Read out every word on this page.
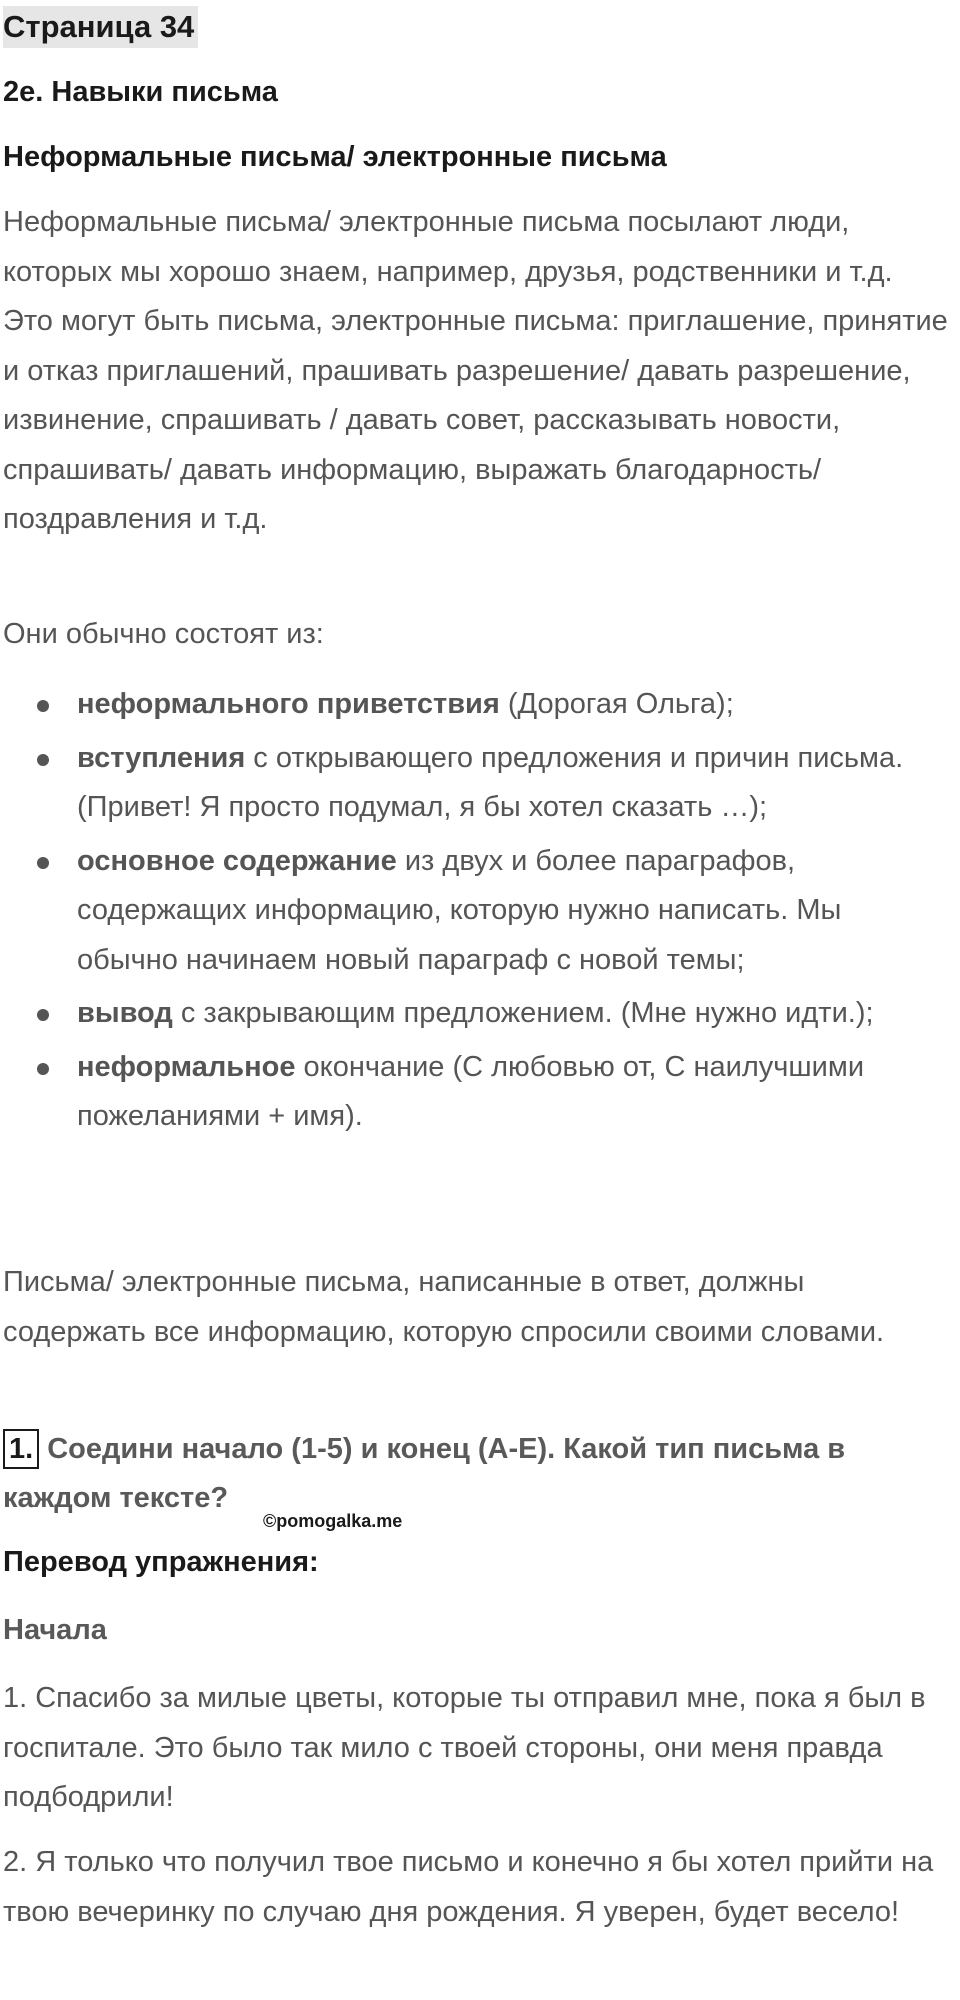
Страница 34
2e. Навыки письма
Неформальные письма/ электронные письма
Неформальные письма/ электронные письма посылают люди, которых мы хорошо знаем, например, друзья, родственники и т.д. Это могут быть письма, электронные письма: приглашение, принятие и отказ приглашений, прашивать разрешение/ давать разрешение, извинение, спрашивать / давать совет, рассказывать новости, спрашивать/ давать информацию, выражать благодарность/ поздравления и т.д.
Они обычно состоят из:
неформального приветствия (Дорогая Ольга);
вступления с открывающего предложения и причин письма. (Привет! Я просто подумал, я бы хотел сказать …);
основное содержание из двух и более параграфов, содержащих информацию, которую нужно написать. Мы обычно начинаем новый параграф с новой темы;
вывод с закрывающим предложением. (Мне нужно идти.);
неформальное окончание (С любовью от, С наилучшими пожеланиями + имя).
Письма/ электронные письма, написанные в ответ, должны содержать все информацию, которую спросили своими словами.
1. Соедини начало (1-5) и конец (A-E). Какой тип письма в каждом тексте?
©pomogalka.me
Перевод упражнения:
Начала
1. Спасибо за милые цветы, которые ты отправил мне, пока я был в госпитале. Это было так мило с твоей стороны, они меня правда подбодрили!
2. Я только что получил твое письмо и конечно я бы хотел прийти на твою вечеринку по случаю дня рождения. Я уверен, будет весело!
